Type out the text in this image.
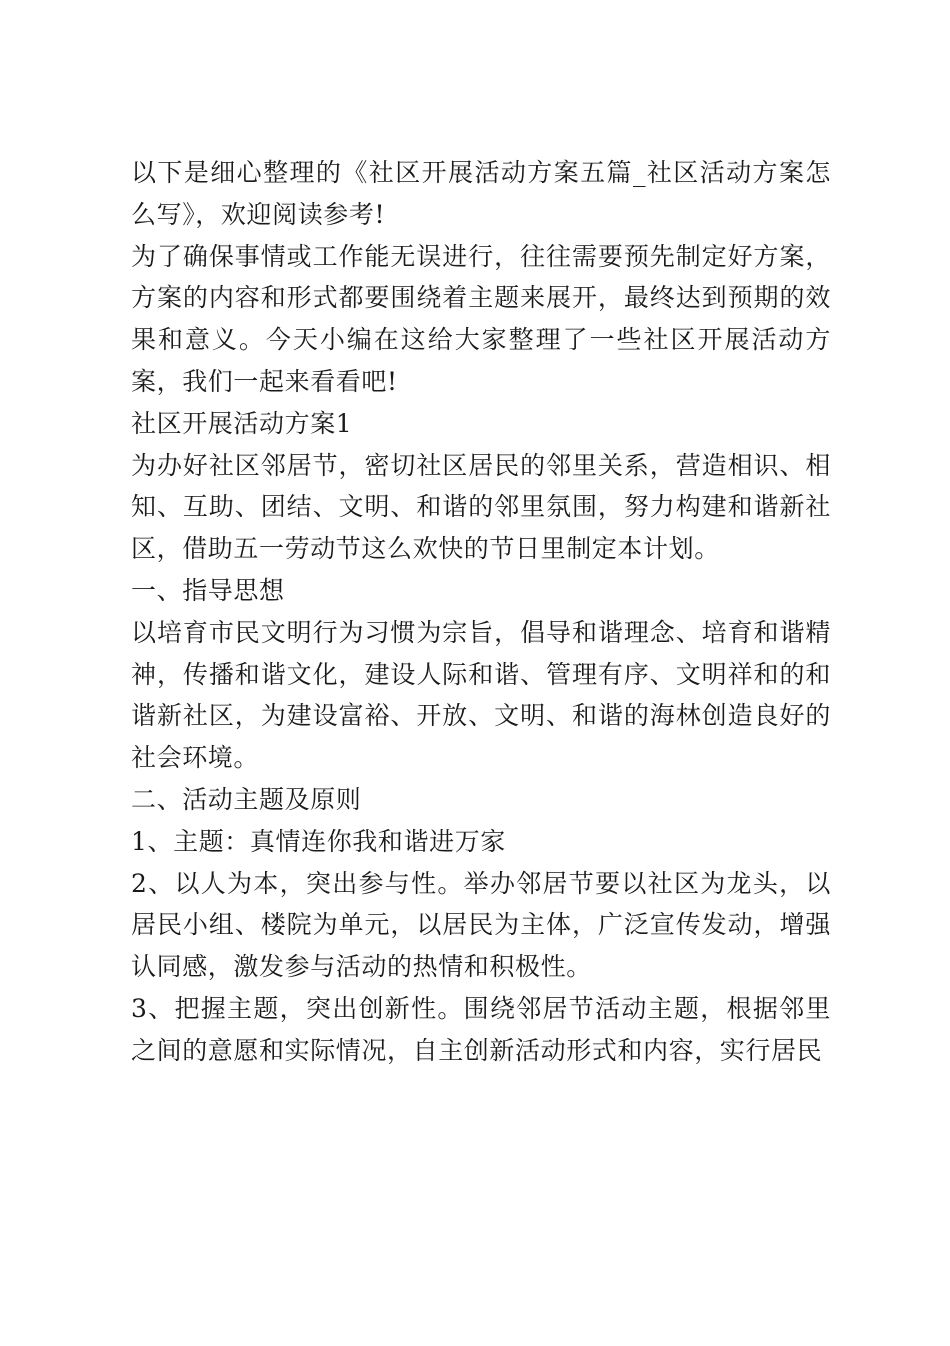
以下是细心整理的《社区开展活动方案五篇_社区活动方案怎么写》，欢迎阅读参考!

为了确保事情或工作能无误进行，往往需要预先制定好方案，方案的内容和形式都要围绕着主题来展开，最终达到预期的效果和意义。今天小编在这给大家整理了一些社区开展活动方案，我们一起来看看吧!

社区开展活动方案1

为办好社区邻居节，密切社区居民的邻里关系，营造相识、相知、互助、团结、文明、和谐的邻里氛围，努力构建和谐新社区，借助五一劳动节这么欢快的节日里制定本计划。

一、指导思想

以培育市民文明行为习惯为宗旨，倡导和谐理念、培育和谐精神，传播和谐文化，建设人际和谐、管理有序、文明祥和的和谐新社区，为建设富裕、开放、文明、和谐的海林创造良好的社会环境。

二、活动主题及原则

1、主题：真情连你我和谐进万家

2、以人为本，突出参与性。举办邻居节要以社区为龙头，以居民小组、楼院为单元，以居民为主体，广泛宣传发动，增强认同感，激发参与活动的热情和积极性。

3、把握主题，突出创新性。围绕邻居节活动主题，根据邻里之间的意愿和实际情况，自主创新活动形式和内容，实行居民
